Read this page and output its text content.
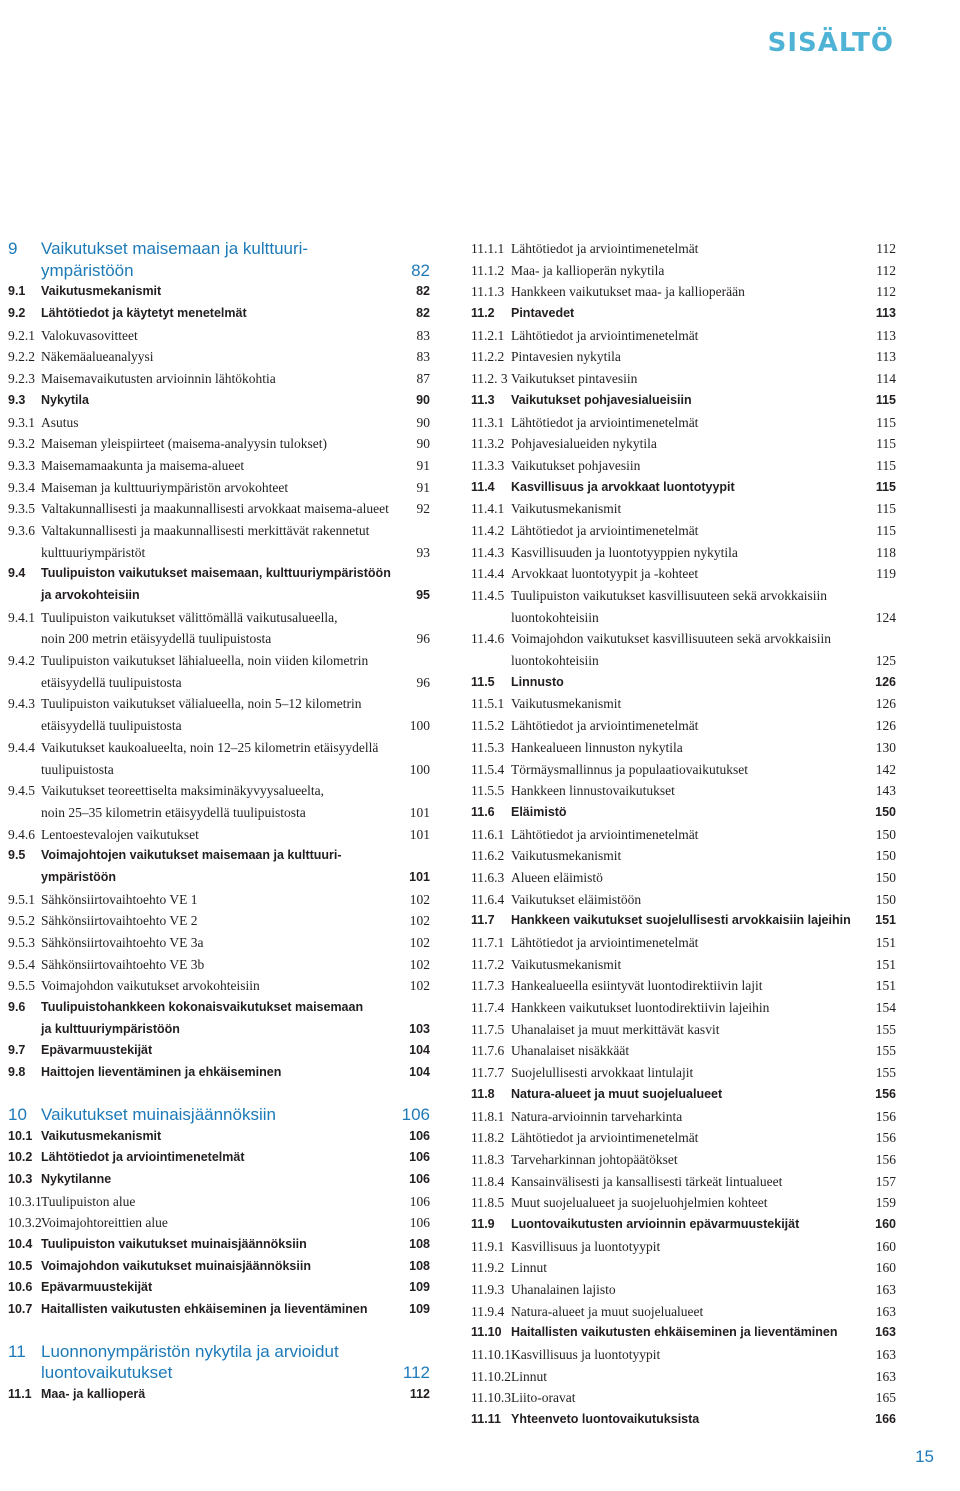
SISÄLTÖ
9 Vaikutukset maisemaan ja kulttuuri-
ympäristöön	82
9.1 Vaikutusmekanismit	82
9.2 Lähtötiedot ja käytetyt menetelmät	82
9.2.1 Valokuvasovitteet	83
9.2.2 Näkemäalueanalyysi	83
9.2.3 Maisemavaikutusten arvioinnin lähtökohtia	87
9.3 Nykytila	90
9.3.1 Asutus	90
9.3.2 Maiseman yleispiirteet (maisema-analyysin tulokset)	90
9.3.3 Maisemamaakunta ja maisema-alueet	91
9.3.4 Maiseman ja kulttuuriympäristön arvokohteet	91
9.3.5 Valtakunnallisesti ja maakunnallisesti arvokkaat maisema-alueet 92
9.3.6 Valtakunnallisesti ja maakunnallisesti merkittävät rakennetut
kulttuuriympäristöt	93
9.4 Tuulipuiston vaikutukset maisemaan, kulttuuriympäristöön
ja arvokohteisiin	95
9.4.1 Tuulipuiston vaikutukset välittömällä vaikutusalueella,
noin 200 metrin etäisyydellä tuulipuistosta	96
9.4.2 Tuulipuiston vaikutukset lähialueella, noin viiden kilometrin
etäisyydellä tuulipuistosta	96
9.4.3 Tuulipuiston vaikutukset välialueella, noin 5–12 kilometrin
etäisyydellä tuulipuistosta	100
9.4.4 Vaikutukset kaukoalueelta, noin 12–25 kilometrin etäisyydellä
tuulipuistosta	100
9.4.5 Vaikutukset teoreettiselta maksiminäkyvyysalueelta,
noin 25–35 kilometrin etäisyydellä tuulipuistosta	101
9.4.6 Lentoestevalojen vaikutukset	101
9.5 Voimajohtojen vaikutukset maisemaan ja kulttuuri-
ympäristöön	101
9.5.1 Sähkönsiirtovaihtoehto VE 1	102
9.5.2 Sähkönsiirtovaihtoehto VE 2	102
9.5.3 Sähkönsiirtovaihtoehto VE 3a	102
9.5.4 Sähkönsiirtovaihtoehto VE 3b	102
9.5.5 Voimajohdon vaikutukset arvokohteisiin	102
9.6 Tuulipuistohankkeen kokonaisvaikutukset maisemaan
ja kulttuuriympäristöön	103
9.7 Epävarmuustekijät	104
9.8 Haittojen lieventäminen ja ehkäiseminen	104
10 Vaikutukset muinaisjäännöksiin	106
10.1 Vaikutusmekanismit	106
10.2 Lähtötiedot ja arviointimenetelmät	106
10.3 Nykytilanne	106
10.3.1 Tuulipuiston alue	106
10.3.2 Voimajohtoreittien alue	106
10.4 Tuulipuiston vaikutukset muinaisjäännöksiin	108
10.5 Voimajohdon vaikutukset muinaisjäännöksiin	108
10.6 Epävarmuustekijät	109
10.7 Haitallisten vaikutusten ehkäiseminen ja lieventäminen	109
11 Luonnonympäristön nykytila ja arvioidut
luontovaikutukset	112
11.1 Maa- ja kallioperä	112
11.1.1 Lähtötiedot ja arviointimenetelmät	112
11.1.2 Maa- ja kallioperän nykytila	112
11.1.3 Hankkeen vaikutukset maa- ja kallioperään	112
11.2 Pintavedet	113
11.2.1 Lähtötiedot ja arviointimenetelmät	113
11.2.2 Pintavesien nykytila	113
11.2. 3 Vaikutukset pintavesiin	114
11.3 Vaikutukset pohjavesialueisiin	115
11.3.1 Lähtötiedot ja arviointimenetelmät	115
11.3.2 Pohjavesialueiden nykytila	115
11.3.3 Vaikutukset pohjavesiin	115
11.4 Kasvillisuus ja arvokkaat luontotyypit	115
11.4.1 Vaikutusmekanismit	115
11.4.2 Lähtötiedot ja arviointimenetelmät	115
11.4.3 Kasvillisuuden ja luontotyyppien nykytila	118
11.4.4 Arvokkaat luontotyypit ja -kohteet	119
11.4.5 Tuulipuiston vaikutukset kasvillisuuteen sekä arvokkaisiin
luontokohteisiin	124
11.4.6 Voimajohdon vaikutukset kasvillisuuteen sekä arvokkaisiin
luontokohteisiin	125
11.5 Linnusto	126
11.5.1 Vaikutusmekanismit	126
11.5.2 Lähtötiedot ja arviointimenetelmät	126
11.5.3 Hankealueen linnuston nykytila	130
11.5.4 Törmäysmallinnus ja populaatiovaikutukset	142
11.5.5 Hankkeen linnustovaikutukset	143
11.6 Eläimistö	150
11.6.1 Lähtötiedot ja arviointimenetelmät	150
11.6.2 Vaikutusmekanismit	150
11.6.3 Alueen eläimistö	150
11.6.4 Vaikutukset eläimistöön	150
11.7 Hankkeen vaikutukset suojelullisesti arvokkaisiin lajeihin 151
11.7.1 Lähtötiedot ja arviointimenetelmät	151
11.7.2 Vaikutusmekanismit	151
11.7.3 Hankealueella esiintyvät luontodirektiivin lajit	151
11.7.4 Hankkeen vaikutukset luontodirektiivin lajeihin	154
11.7.5 Uhanalaiset ja muut merkittävät kasvit	155
11.7.6 Uhanalaiset nisäkkäät	155
11.7.7 Suojelullisesti arvokkaat lintulajit	155
11.8 Natura-alueet ja muut suojelualueet	156
11.8.1 Natura-arvioinnin tarveharkinta	156
11.8.2 Lähtötiedot ja arviointimenetelmät	156
11.8.3 Tarveharkinnan johtopäätökset	156
11.8.4 Kansainvälisesti ja kansallisesti tärkeät lintualueet	157
11.8.5 Muut suojelualueet ja suojeluohjelmien kohteet	159
11.9 Luontovaikutusten arvioinnin epävarmuustekijät	160
11.9.1 Kasvillisuus ja luontotyypit	160
11.9.2 Linnut	160
11.9.3 Uhanalainen lajisto	163
11.9.4 Natura-alueet ja muut suojelualueet	163
11.10 Haitallisten vaikutusten ehkäiseminen ja lieventäminen	163
11.10.1 Kasvillisuus ja luontotyypit	163
11.10.2 Linnut	163
11.10.3 Liito-oravat	165
11.11 Yhteenveto luontovaikutuksista	166
15
